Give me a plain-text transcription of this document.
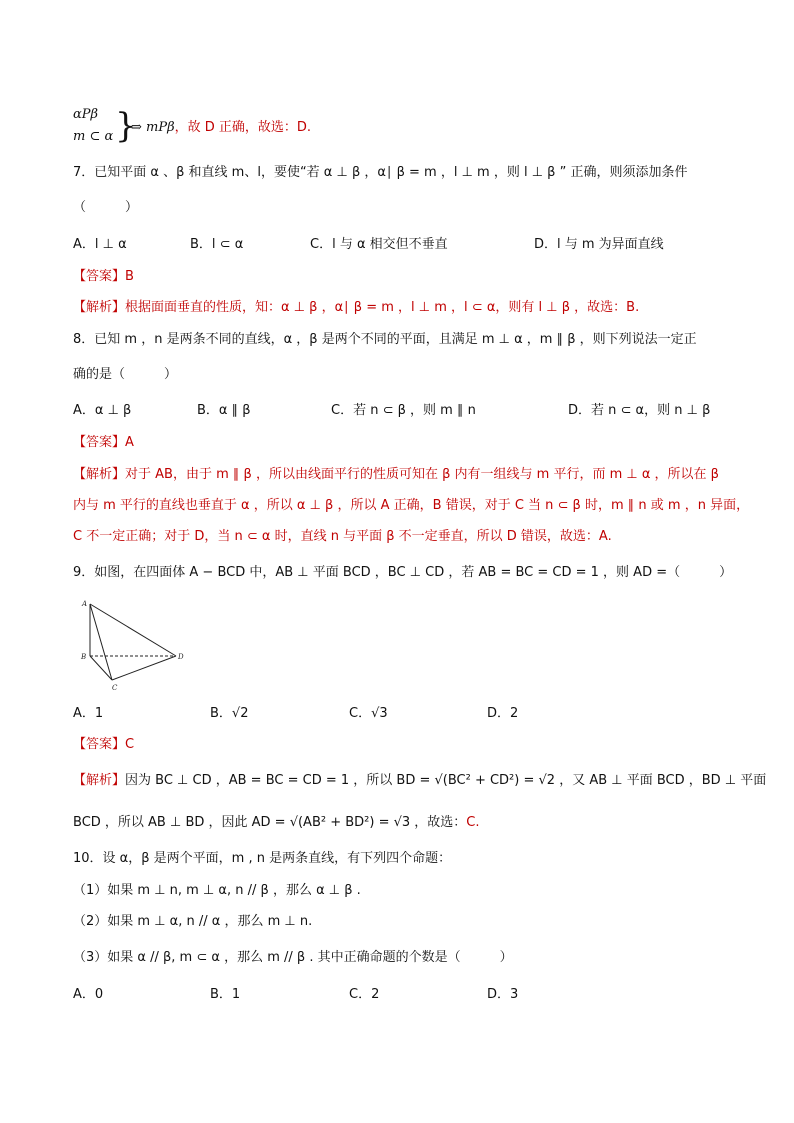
αPβ
m ⊂ α }
⇒ mPβ，故 D 正确，故选：D.
7．已知平面 α 、β 和直线 m、l，要使“若 α ⊥ β ，α∣ β = m ，l ⊥ m ，则 l ⊥ β ” 正确，则须添加条件
（　　　）
A．l ⊥ α	B．l ⊂ α	C．l 与 α 相交但不垂直	D．l 与 m 为异面直线
【答案】B
【解析】根据面面垂直的性质，知：α ⊥ β ，α∣ β = m ，l ⊥ m ，l ⊂ α，则有 l ⊥ β ，故选：B.
8．已知 m ，n 是两条不同的直线，α ，β 是两个不同的平面，且满足 m ⊥ α ，m ∥ β ，则下列说法一定正
确的是（　　　）
A．α ⊥ β	B．α ∥ β	C．若 n ⊂ β ，则 m ∥ n	D．若 n ⊂ α，则 n ⊥ β
【答案】A
【解析】对于 AB，由于 m ∥ β ，所以由线面平行的性质可知在 β 内有一组线与 m 平行，而 m ⊥ α ，所以在 β
内与 m 平行的直线也垂直于 α ，所以 α ⊥ β ，所以 A 正确，B 错误，对于 C 当 n ⊂ β 时，m ∥ n 或 m ，n 异面，
C 不一定正确；对于 D，当 n ⊂ α 时，直线 n 与平面 β 不一定垂直，所以 D 错误，故选：A.
9．如图，在四面体 A − BCD 中，AB ⊥ 平面 BCD ，BC ⊥ CD ，若 AB = BC = CD = 1 ，则 AD =（　　　）
A
B
C
D
A．1	B．√2	C．√3	D．2
【答案】C
【解析】因为 BC ⊥ CD ，AB = BC = CD = 1 ，所以 BD = √(BC² + CD²) = √2 ，又 AB ⊥ 平面 BCD ，BD ⊥ 平面
BCD ，所以 AB ⊥ BD ，因此 AD = √(AB² + BD²) = √3 ，故选：C.
10．设 α，β 是两个平面，m , n 是两条直线，有下列四个命题：
（1）如果 m ⊥ n, m ⊥ α, n // β ，那么 α ⊥ β .
（2）如果 m ⊥ α, n // α ，那么 m ⊥ n.
（3）如果 α // β, m ⊂ α ，那么 m // β . 其中正确命题的个数是（　　　）
A．0	B．1	C．2	D．3
